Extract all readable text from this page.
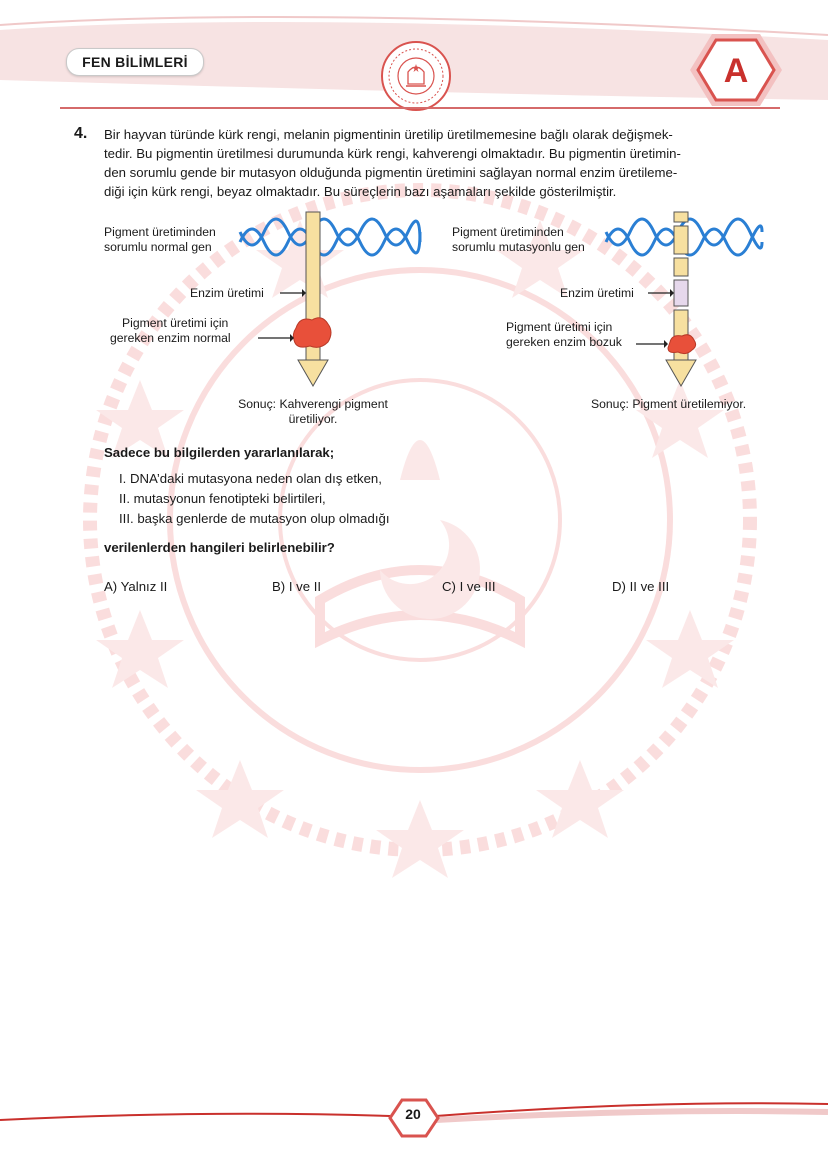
FEN BİLİMLERİ	A
4. Bir hayvan türünde kürk rengi, melanin pigmentinin üretilip üretilmemesine bağlı olarak değişmek-
tedir. Bu pigmentin üretilmesi durumunda kürk rengi, kahverengi olmaktadır. Bu pigmentin üretimin-
den sorumlu gende bir mutasyon olduğunda pigmentin üretimini sağlayan normal enzim üretileme-
diği için kürk rengi, beyaz olmaktadır. Bu süreçlerin bazı aşamaları şekilde gösterilmiştir.
Pigment üretiminden
sorumlu normal gen
Enzim üretimi
Pigment üretimi için
gereken enzim normal
Sonuç: Kahverengi pigment
üretiliyor.
Pigment üretiminden
sorumlu mutasyonlu gen
Enzim üretimi
Pigment üretimi için
gereken enzim bozuk
Sonuç: Pigment üretilemiyor.
Sadece bu bilgilerden yararlanılarak;
I. DNA’daki mutasyona neden olan dış etken,
II. mutasyonun fenotipteki belirtileri,
III. başka genlerde de mutasyon olup olmadığı
verilenlerden hangileri belirlenebilir?
A) Yalnız II	B) I ve II	C) I ve III	D) II ve III
20
